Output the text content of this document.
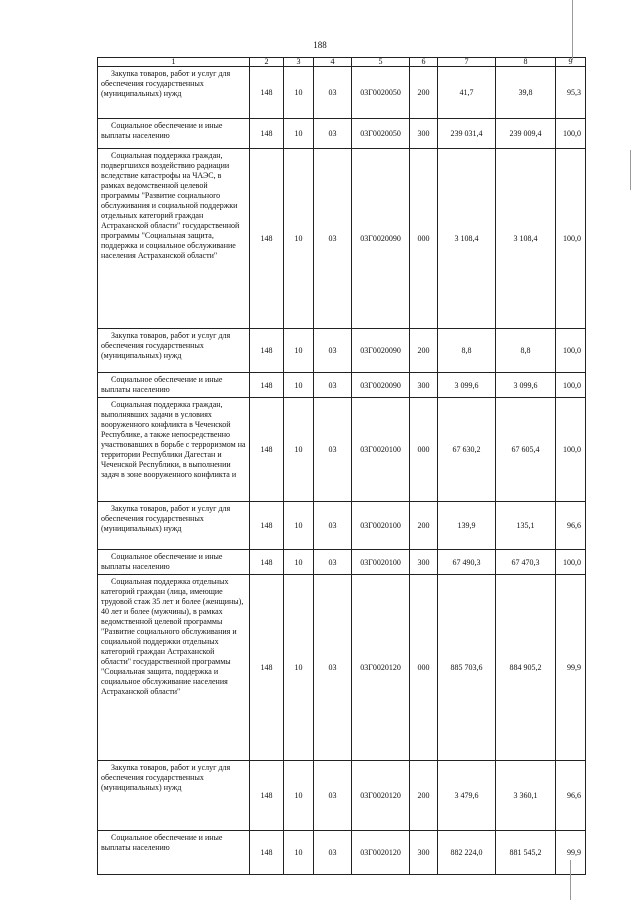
188
1	2	3	4	5	6	7	8	9
Закупка товаров, работ и услуг для обеспечения государственных (муниципальных) нужд	148	10	03	03Г0020050	200	41,7	39,8	95,3
Социальное обеспечение и иные выплаты населению	148	10	03	03Г0020050	300	239 031,4	239 009,4	100,0
Социальная поддержка граждан, подвергшихся воздействию радиации вследствие катастрофы на ЧАЭС, в рамках ведомственной целевой программы "Развитие социального обслуживания и социальной поддержки отдельных категорий граждан Астраханской области" государственной программы "Социальная защита, поддержка и социальное обслуживание населения Астраханской области"	148	10	03	03Г0020090	000	3 108,4	3 108,4	100,0
Закупка товаров, работ и услуг для обеспечения государственных (муниципальных) нужд	148	10	03	03Г0020090	200	8,8	8,8	100,0
Социальное обеспечение и иные выплаты населению	148	10	03	03Г0020090	300	3 099,6	3 099,6	100,0
Социальная поддержка граждан, выполнявших задачи в условиях вооруженного конфликта в Чеченской Республике, а также непосредственно участвовавших в борьбе с терроризмом на территории Республики Дагестан и Чеченской Республики, в выполнении задач в зоне вооруженного конфликта и	148	10	03	03Г0020100	000	67 630,2	67 605,4	100,0
Закупка товаров, работ и услуг для обеспечения государственных (муниципальных) нужд	148	10	03	03Г0020100	200	139,9	135,1	96,6
Социальное обеспечение и иные выплаты населению	148	10	03	03Г0020100	300	67 490,3	67 470,3	100,0
Социальная поддержка отдельных категорий граждан (лица, имеющие трудовой стаж 35 лет и более (женщины), 40 лет и более (мужчины), в рамках ведомственной целевой программы "Развитие социального обслуживания и социальной поддержки отдельных категорий граждан Астраханской области" государственной программы "Социальная защита, поддержка и социальное обслуживание населения Астраханской области"	148	10	03	03Г0020120	000	885 703,6	884 905,2	99,9
Закупка товаров, работ и услуг для обеспечения государственных (муниципальных) нужд	148	10	03	03Г0020120	200	3 479,6	3 360,1	96,6
Социальное обеспечение и иные выплаты населению	148	10	03	03Г0020120	300	882 224,0	881 545,2	99,9
